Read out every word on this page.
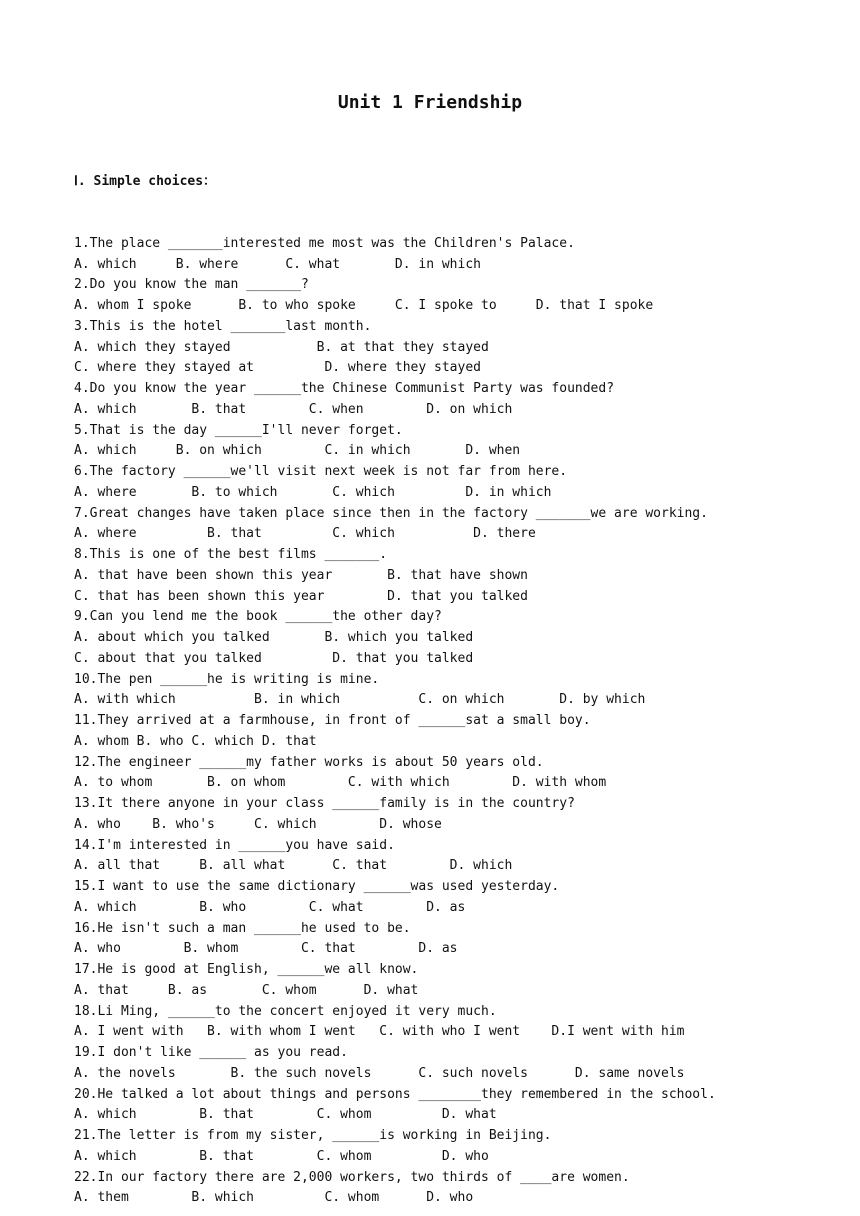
Unit 1 Friendship

Ⅰ. Simple choices：

1.The place _______interested me most was the Children's Palace.
A. which     B. where      C. what       D. in which
2.Do you know the man _______?
A. whom I spoke      B. to who spoke     C. I spoke to     D. that I spoke
3.This is the hotel _______last month.
A. which they stayed           B. at that they stayed
C. where they stayed at         D. where they stayed
4.Do you know the year ______the Chinese Communist Party was founded?
A. which       B. that        C. when        D. on which
5.That is the day ______I'll never forget.
A. which     B. on which        C. in which       D. when
6.The factory ______we'll visit next week is not far from here.
A. where       B. to which       C. which         D. in which
7.Great changes have taken place since then in the factory _______we are working.
A. where         B. that         C. which          D. there
8.This is one of the best films _______.
A. that have been shown this year       B. that have shown
C. that has been shown this year        D. that you talked
9.Can you lend me the book ______the other day?
A. about which you talked       B. which you talked
C. about that you talked         D. that you talked
10.The pen ______he is writing is mine.
A. with which          B. in which          C. on which       D. by which
11.They arrived at a farmhouse, in front of ______sat a small boy.
A. whom B. who C. which D. that
12.The engineer ______my father works is about 50 years old.
A. to whom       B. on whom        C. with which        D. with whom
13.It there anyone in your class ______family is in the country?
A. who    B. who's     C. which        D. whose
14.I'm interested in ______you have said.
A. all that     B. all what      C. that        D. which
15.I want to use the same dictionary ______was used yesterday.
A. which        B. who        C. what        D. as
16.He isn't such a man ______he used to be.
A. who        B. whom        C. that        D. as
17.He is good at English, ______we all know.
A. that     B. as       C. whom      D. what
18.Li Ming, ______to the concert enjoyed it very much.
A. I went with   B. with whom I went   C. with who I went    D.I went with him
19.I don't like ______ as you read.
A. the novels       B. the such novels      C. such novels      D. same novels
20.He talked a lot about things and persons ________they remembered in the school.
A. which        B. that        C. whom         D. what
21.The letter is from my sister, ______is working in Beijing.
A. which        B. that        C. whom         D. who
22.In our factory there are 2,000 workers, two thirds of ____are women.
A. them        B. which         C. whom      D. who
